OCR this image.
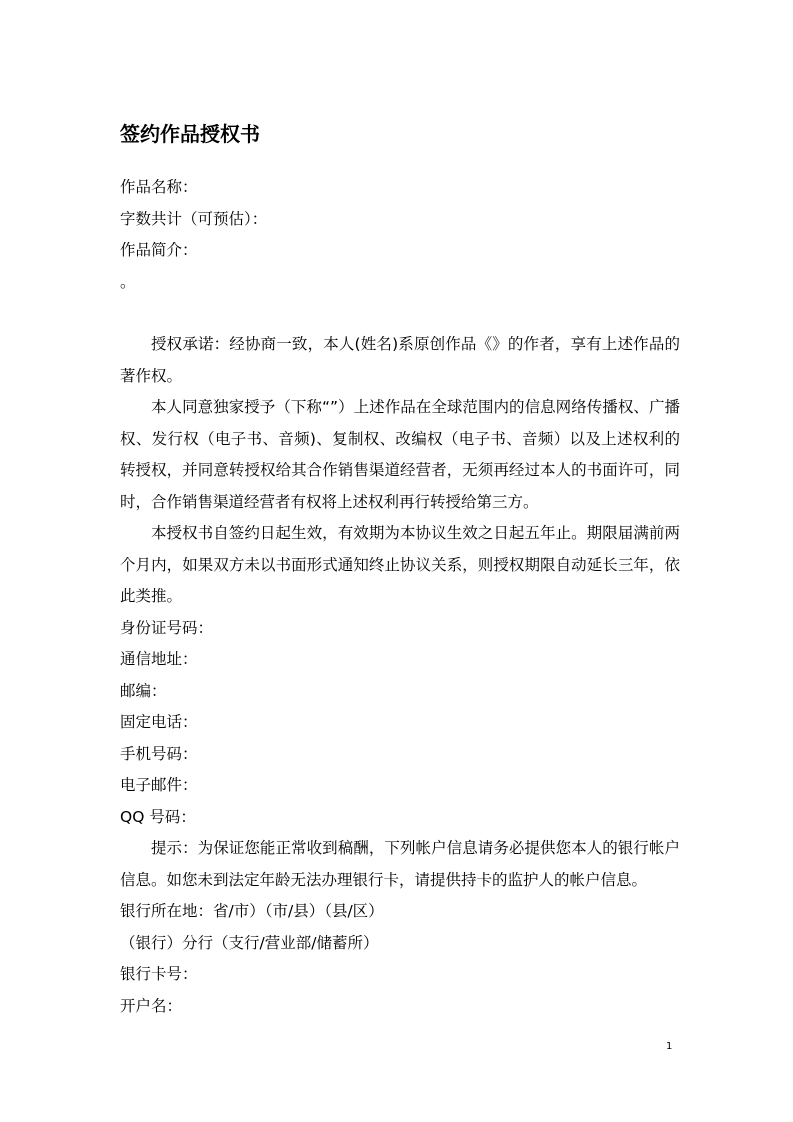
签约作品授权书

作品名称：

字数共计（可预估）：

作品简介：

。

授权承诺：经协商一致，本人(姓名)系原创作品《》的作者，享有上述作品的著作权。

本人同意独家授予（下称“”）上述作品在全球范围内的信息网络传播权、广播权、发行权（电子书、音频)、复制权、改编权（电子书、音频）以及上述权利的转授权，并同意转授权给其合作销售渠道经营者，无须再经过本人的书面许可，同时，合作销售渠道经营者有权将上述权利再行转授给第三方。

本授权书自签约日起生效，有效期为本协议生效之日起五年止。期限届满前两个月内，如果双方未以书面形式通知终止协议关系，则授权期限自动延长三年，依此类推。

身份证号码：

通信地址：

邮编：

固定电话：

手机号码：

电子邮件：

QQ 号码：

提示：为保证您能正常收到稿酬，下列帐户信息请务必提供您本人的银行帐户信息。如您未到法定年龄无法办理银行卡，请提供持卡的监护人的帐户信息。

银行所在地：省/市）（市/县）（县/区）

（银行）分行（支行/营业部/储蓄所）

银行卡号：

开户名：

1
